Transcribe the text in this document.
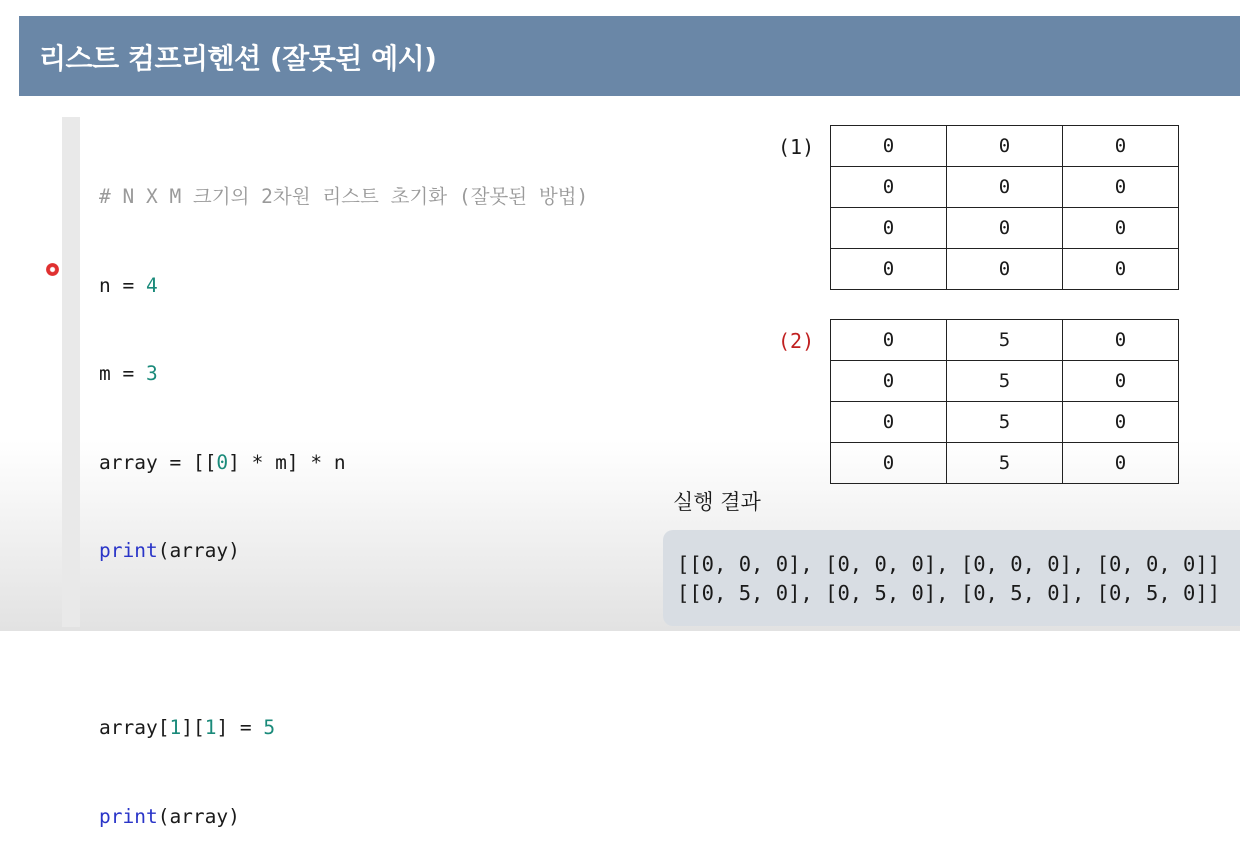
리스트 컴프리헨션 (잘못된 예시)

# N X M 크기의 2차원 리스트 초기화 (잘못된 방법)

n = 4

m = 3

array = [[0] * m] * n

print(array)

array[1][1] = 5

print(array)

(1)	0	0	0
0	0	0
0	0	0
0	0	0
(2)	0	5	0
0	5	0
0	5	0
0	5	0
실행 결과
[[0, 0, 0], [0, 0, 0], [0, 0, 0], [0, 0, 0]]
[[0, 5, 0], [0, 5, 0], [0, 5, 0], [0, 5, 0]]
